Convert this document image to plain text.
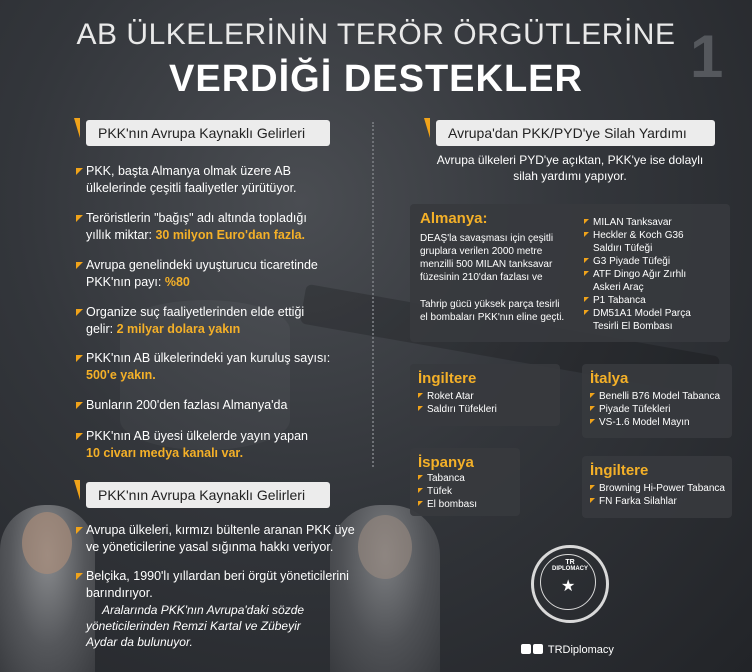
AB ÜLKELERİNİN TERÖR ÖRGÜTLERİNE
VERDİĞİ DESTEKLER	1
PKK'nın Avrupa Kaynaklı Gelirleri
PKK, başta Almanya olmak üzere AB
ülkelerinde çeşitli faaliyetler yürütüyor.
Teröristlerin "bağış" adı altında topladığı
yıllık miktar: 30 milyon Euro'dan fazla.
Avrupa genelindeki uyuşturucu ticaretinde
PKK'nın payı: %80
Organize suç faaliyetlerinden elde ettiği
gelir: 2 milyar dolara yakın
PKK'nın AB ülkelerindeki yan kuruluş sayısı:
500'e yakın.
Bunların 200'den fazlası Almanya'da
PKK'nın AB üyesi ülkelerde yayın yapan
10 civarı medya kanalı var.
PKK'nın Avrupa Kaynaklı Gelirleri
Avrupa ülkeleri, kırmızı bültenle aranan PKK üye
ve yöneticilerine yasal sığınma hakkı veriyor.
Belçika, 1990'lı yıllardan beri örgüt yöneticilerini
barındırıyor.
Aralarında PKK'nın Avrupa'daki sözde
yöneticilerinden Remzi Kartal ve Zübeyir
Aydar da bulunuyor.
Avrupa'dan PKK/PYD'ye Silah Yardımı
Avrupa ülkeleri PYD'ye açıktan, PKK'ye ise dolaylı
silah yardımı yapıyor.
Almanya:
DEAŞ'la savaşması için çeşitli
gruplara verilen 2000 metre
menzilli 500 MILAN tanksavar
füzesinin 210'dan fazlası ve
Tahrip gücü yüksek parça tesirli
el bombaları PKK'nın eline geçti.
MILAN Tanksavar
Heckler & Koch G36
Saldırı Tüfeği
G3 Piyade Tüfeği
ATF Dingo Ağır Zırhlı
Askeri Araç
P1 Tabanca
DM51A1 Model Parça
Tesirli El Bombası
İngiltere
Roket Atar
Saldırı Tüfekleri
İtalya
Benelli B76 Model Tabanca
Piyade Tüfekleri
VS-1.6 Model Mayın
İspanya
Tabanca
Tüfek
El bombası
İngiltere
Browning Hi-Power Tabanca
FN Farka Silahlar
TR
DIPLOMACY
★
TRDiplomacy
